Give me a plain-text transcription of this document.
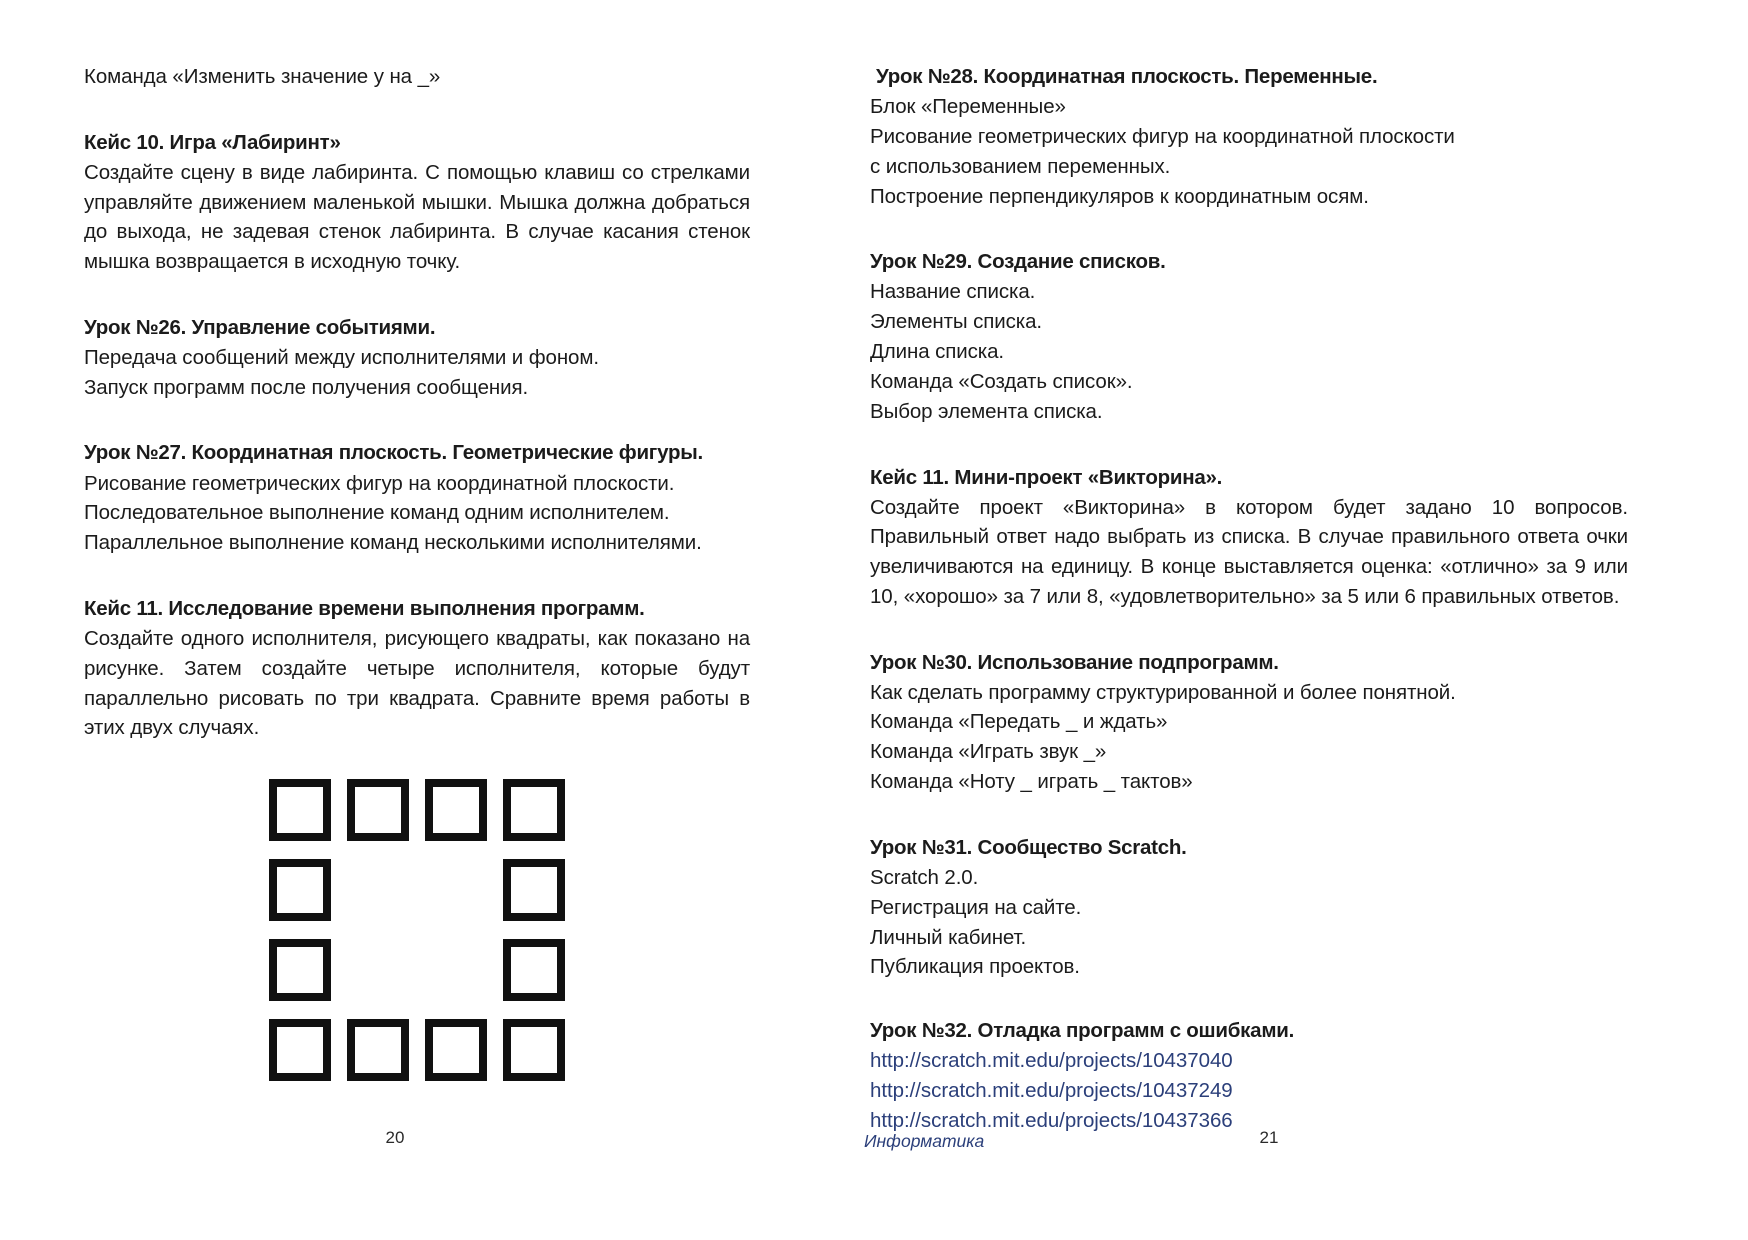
Команда «Изменить значение y на _»

Кейс 10. Игра «Лабиринт»

Создайте сцену в виде лабиринта. С помощью клавиш со стрелками управляйте движением маленькой мышки. Мышка должна добраться до выхода, не задевая стенок лабиринта. В случае касания стенок мышка возвращается в исходную точку.

Урок №26. Управление событиями.

Передача сообщений между исполнителями и фоном.
Запуск программ после получения сообщения.

Урок №27. Координатная плоскость. Геометрические фигуры.

Рисование геометрических фигур на координатной плоскости.
Последовательное выполнение команд одним исполнителем.
Параллельное выполнение команд несколькими исполнителями.

Кейс 11. Исследование времени выполнения программ.

Создайте одного исполнителя, рисующего квадраты, как показано на рисунке. Затем создайте четыре исполнителя, которые будут параллельно рисовать по три квадрата. Сравните время работы в этих двух случаях.

20
Урок №28. Координатная плоскость. Переменные.

Блок «Переменные»
Рисование геометрических фигур на координатной плоскости
с использованием переменных.
Построение перпендикуляров к координатным осям.

Урок №29. Создание списков.

Название списка.
Элементы списка.
Длина списка.
Команда «Создать список».
Выбор элемента списка.

Кейс 11. Мини-проект «Викторина».

Создайте проект «Викторина» в котором будет задано 10 вопросов. Правильный ответ надо выбрать из списка. В случае правильного ответа очки увеличиваются на единицу. В конце выставляется оценка: «отлично» за 9 или 10, «хорошо» за 7 или 8, «удовлетворительно» за 5 или 6 правильных ответов.

Урок №30. Использование подпрограмм.

Как сделать программу структурированной и более понятной.
Команда «Передать _ и ждать»
Команда «Играть звук _»
Команда «Ноту _ играть _ тактов»

Урок №31. Сообщество Scratch.

Scratch 2.0.
Регистрация на сайте.
Личный кабинет.
Публикация проектов.

Урок №32. Отладка программ с ошибками.
http://scratch.mit.edu/projects/10437040
http://scratch.mit.edu/projects/10437249
http://scratch.mit.edu/projects/10437366
Информатика	21
